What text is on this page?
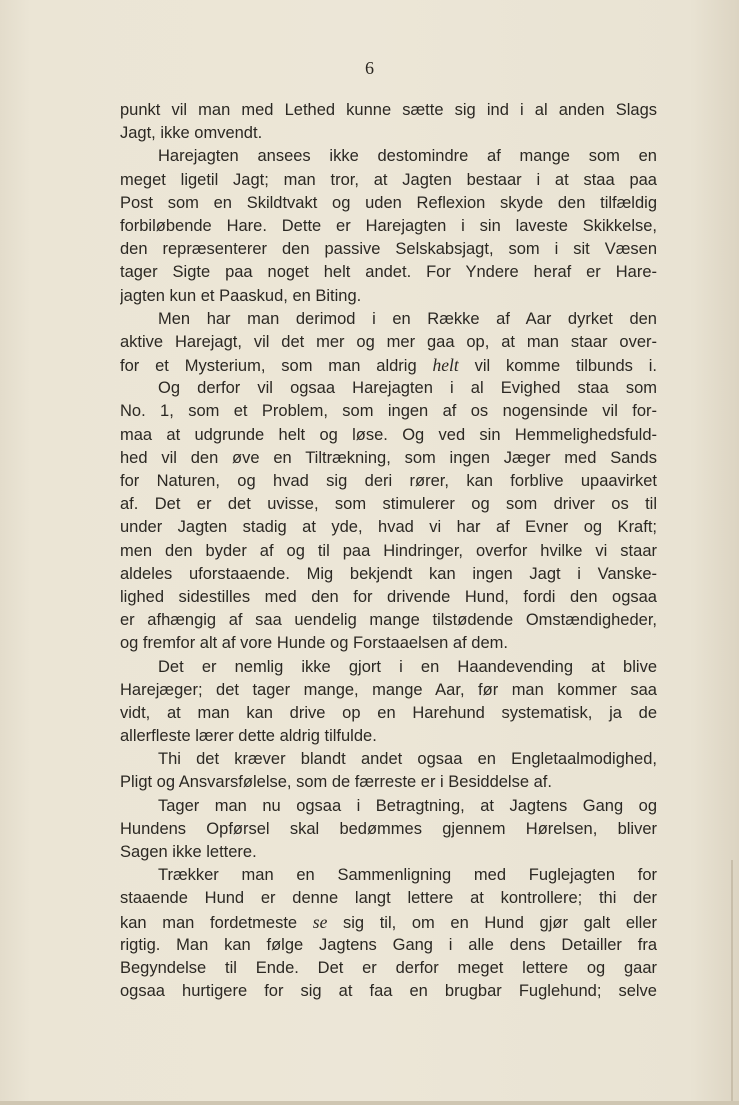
6
punkt vil man med Lethed kunne sætte sig ind i al anden Slags
Jagt, ikke omvendt.
Harejagten ansees ikke destomindre af mange som en
meget ligetil Jagt; man tror, at Jagten bestaar i at staa paa
Post som en Skildtvakt og uden Reflexion skyde den tilfældig
forbiløbende Hare. Dette er Harejagten i sin laveste Skikkelse,
den repræsenterer den passive Selskabsjagt, som i sit Væsen
tager Sigte paa noget helt andet. For Yndere heraf er Hare-
jagten kun et Paaskud, en Biting.
Men har man derimod i en Række af Aar dyrket den
aktive Harejagt, vil det mer og mer gaa op, at man staar over-
for et Mysterium, som man aldrig helt vil komme tilbunds i.
Og derfor vil ogsaa Harejagten i al Evighed staa som
No. 1, som et Problem, som ingen af os nogensinde vil for-
maa at udgrunde helt og løse. Og ved sin Hemmelighedsfuld-
hed vil den øve en Tiltrækning, som ingen Jæger med Sands
for Naturen, og hvad sig deri rører, kan forblive upaavirket
af. Det er det uvisse, som stimulerer og som driver os til
under Jagten stadig at yde, hvad vi har af Evner og Kraft;
men den byder af og til paa Hindringer, overfor hvilke vi staar
aldeles uforstaaende. Mig bekjendt kan ingen Jagt i Vanske-
lighed sidestilles med den for drivende Hund, fordi den ogsaa
er afhængig af saa uendelig mange tilstødende Omstændigheder,
og fremfor alt af vore Hunde og Forstaaelsen af dem.
Det er nemlig ikke gjort i en Haandevending at blive
Harejæger; det tager mange, mange Aar, før man kommer saa
vidt, at man kan drive op en Harehund systematisk, ja de
allerfleste lærer dette aldrig tilfulde.
Thi det kræver blandt andet ogsaa en Engletaalmodighed,
Pligt og Ansvarsfølelse, som de færreste er i Besiddelse af.
Tager man nu ogsaa i Betragtning, at Jagtens Gang og
Hundens Opførsel skal bedømmes gjennem Hørelsen, bliver
Sagen ikke lettere.
Trækker man en Sammenligning med Fuglejagten for
staaende Hund er denne langt lettere at kontrollere; thi der
kan man fordetmeste se sig til, om en Hund gjør galt eller
rigtig. Man kan følge Jagtens Gang i alle dens Detailler fra
Begyndelse til Ende. Det er derfor meget lettere og gaar
ogsaa hurtigere for sig at faa en brugbar Fuglehund; selve
